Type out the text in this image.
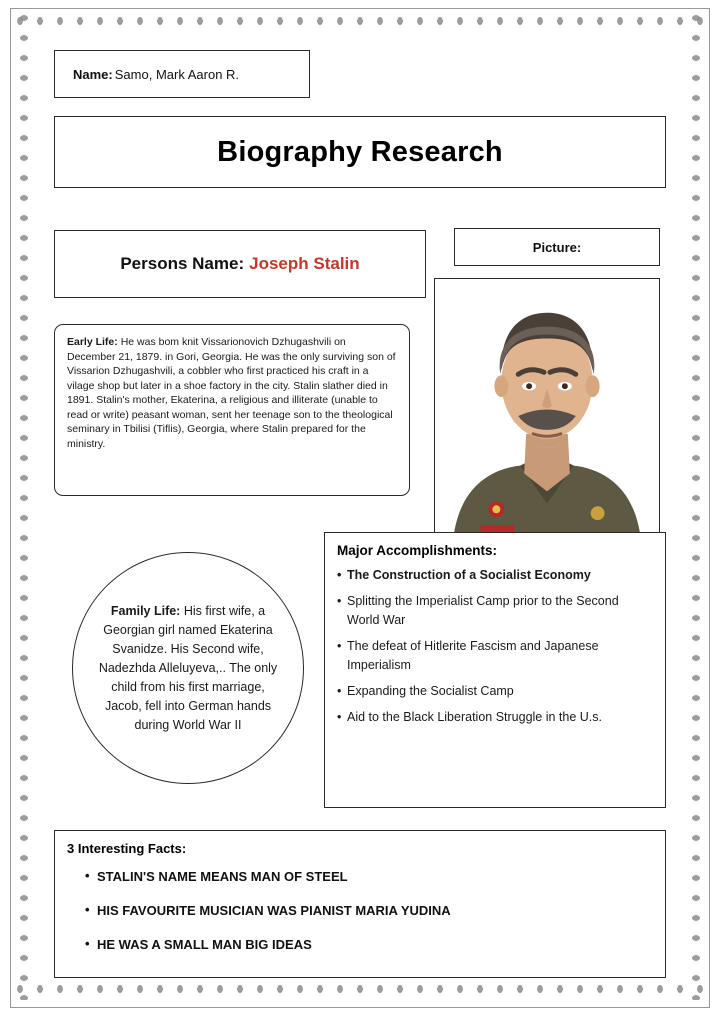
Name : Samo, Mark Aaron R.
Biography Research
Persons Name : Joseph Stalin
Picture:
Early Life: He was bom knit Vissarionovich Dzhugashvili on December 21, 1879. in Gori, Georgia. He was the only surviving son of Vissarion Dzhugashvili, a cobbler who first practiced his craft in a vilage shop but later in a shoe factory in the city. Stalin slather died in 1891. Stalin's mother, Ekaterina, a religious and illiterate (unable to read or write) peasant woman, sent her teenage son to the theological seminary in Tbilisi (Tiflis), Georgia, where Stalin prepared for the ministry.
Family Life: His first wife, a Georgian girl named Ekaterina Svanidze. His Second wife, Nadezhda Alleluyeva,.. The only child from his first marriage, Jacob, fell into German hands during World War II
Major Accomplishments:
• The Construction of a Socialist Economy
• Splitting the Imperialist Camp prior to the Second World War
• The defeat of Hitlerite Fascism and Japanese Imperialism
• Expanding the Socialist Camp
• Aid to the Black Liberation Struggle in the U.s.
3 Interesting Facts:
• STALIN'S NAME MEANS MAN OF STEEL
• HIS FAVOURITE MUSICIAN WAS PIANIST MARIA YUDINA
• HE WAS A SMALL MAN BIG IDEAS
